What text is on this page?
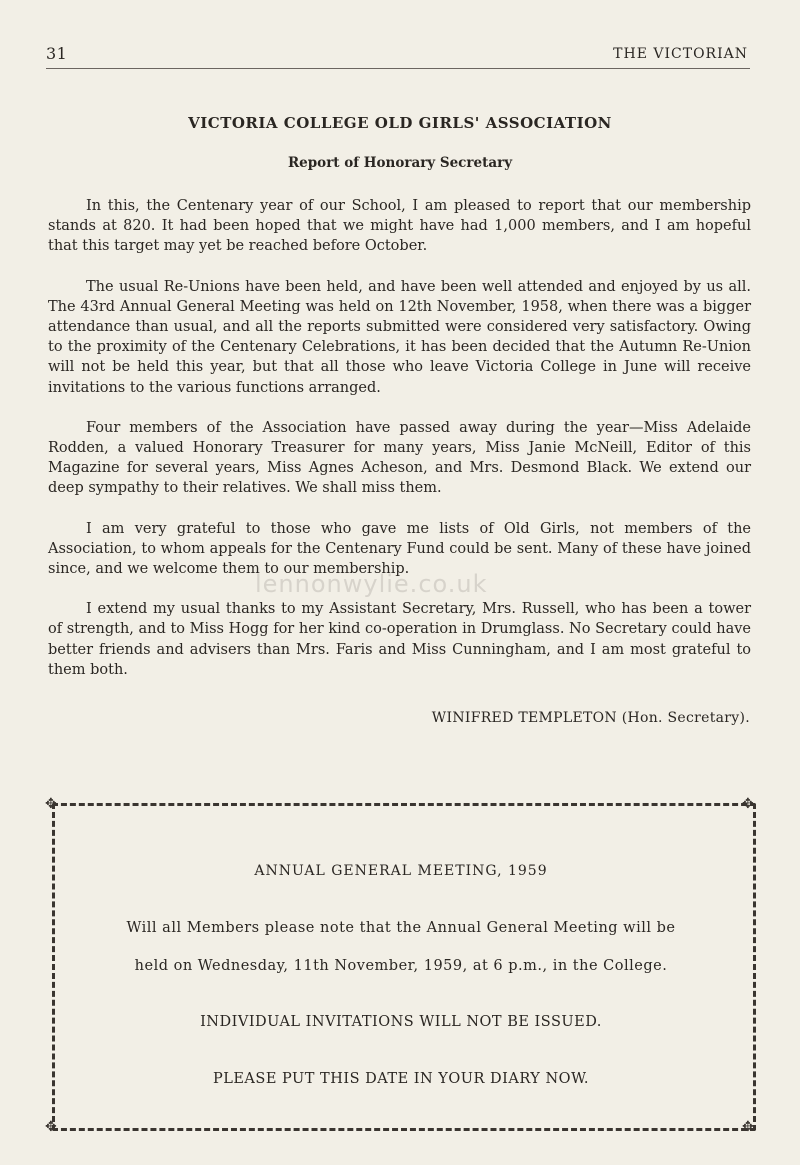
31	THE VICTORIAN
VICTORIA COLLEGE OLD GIRLS' ASSOCIATION
Report of Honorary Secretary

In this, the Centenary year of our School, I am pleased to report that our membership stands at 820. It had been hoped that we might have had 1,000 members, and I am hopeful that this target may yet be reached before October.

The usual Re-Unions have been held, and have been well attended and enjoyed by us all. The 43rd Annual General Meeting was held on 12th November, 1958, when there was a bigger attendance than usual, and all the reports submitted were considered very satisfactory. Owing to the proximity of the Centenary Celebrations, it has been decided that the Autumn Re-Union will not be held this year, but that all those who leave Victoria College in June will receive invitations to the various functions arranged.

Four members of the Association have passed away during the year—Miss Adelaide Rodden, a valued Honorary Treasurer for many years, Miss Janie McNeill, Editor of this Magazine for several years, Miss Agnes Acheson, and Mrs. Desmond Black. We extend our deep sympathy to their relatives. We shall miss them.

I am very grateful to those who gave me lists of Old Girls, not members of the Association, to whom appeals for the Centenary Fund could be sent. Many of these have joined since, and we welcome them to our membership.

I extend my usual thanks to my Assistant Secretary, Mrs. Russell, who has been a tower of strength, and to Miss Hogg for her kind co-operation in Drumglass. No Secretary could have better friends and advisers than Mrs. Faris and Miss Cunningham, and I am most grateful to them both.

lennonwylie.co.uk
WINIFRED TEMPLETON (Hon. Secretary).
✥	✥
✥	✥
ANNUAL GENERAL MEETING, 1959
Will all Members please note that the Annual General Meeting will be
held on Wednesday, 11th November, 1959, at 6 p.m., in the College.
INDIVIDUAL INVITATIONS WILL NOT BE ISSUED.
PLEASE PUT THIS DATE IN YOUR DIARY NOW.
